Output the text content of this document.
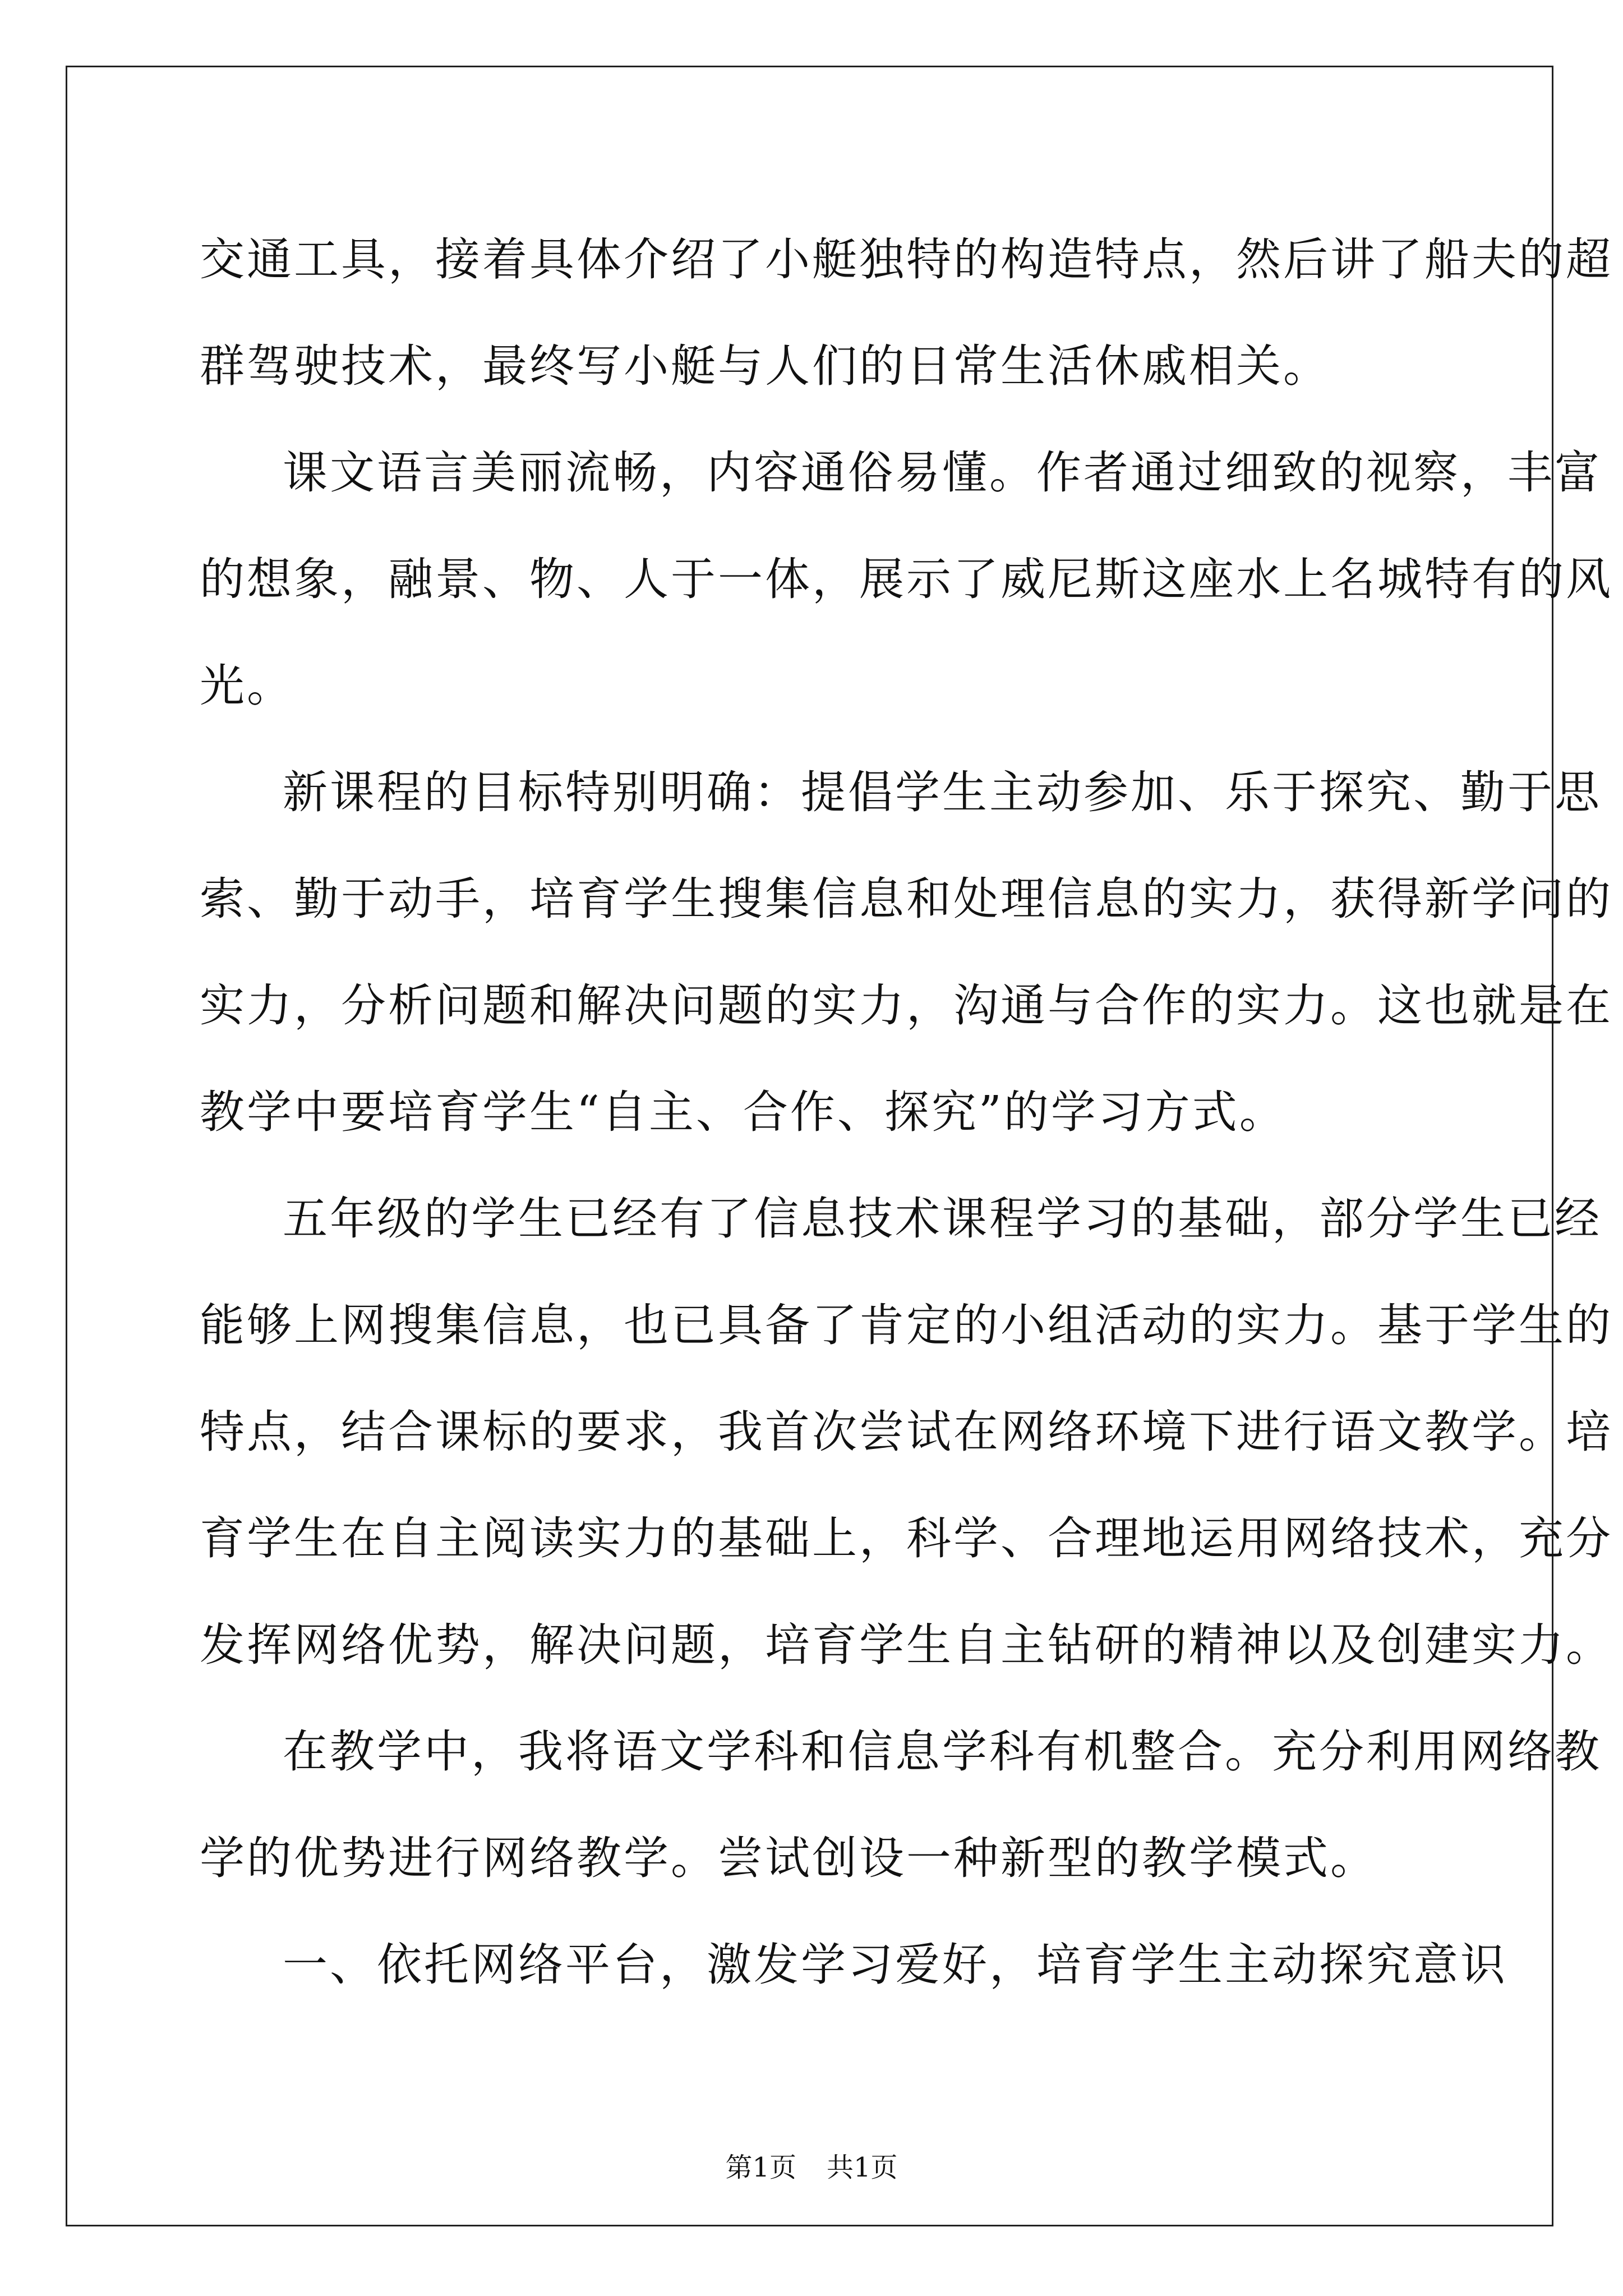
交通工具，接着具体介绍了小艇独特的构造特点，然后讲了船夫的超
群驾驶技术，最终写小艇与人们的日常生活休戚相关。
课文语言美丽流畅，内容通俗易懂。作者通过细致的视察，丰富
的想象，融景、物、人于一体，展示了威尼斯这座水上名城特有的风
光。
新课程的目标特别明确：提倡学生主动参加、乐于探究、勤于思
索、勤于动手，培育学生搜集信息和处理信息的实力，获得新学问的
实力，分析问题和解决问题的实力，沟通与合作的实力。这也就是在
教学中要培育学生“自主、合作、探究”的学习方式。
五年级的学生已经有了信息技术课程学习的基础，部分学生已经
能够上网搜集信息，也已具备了肯定的小组活动的实力。基于学生的
特点，结合课标的要求，我首次尝试在网络环境下进行语文教学。培
育学生在自主阅读实力的基础上，科学、合理地运用网络技术，充分
发挥网络优势，解决问题，培育学生自主钻研的精神以及创建实力。
在教学中，我将语文学科和信息学科有机整合。充分利用网络教
学的优势进行网络教学。尝试创设一种新型的教学模式。
一、依托网络平台，激发学习爱好，培育学生主动探究意识
第1页 共1页
